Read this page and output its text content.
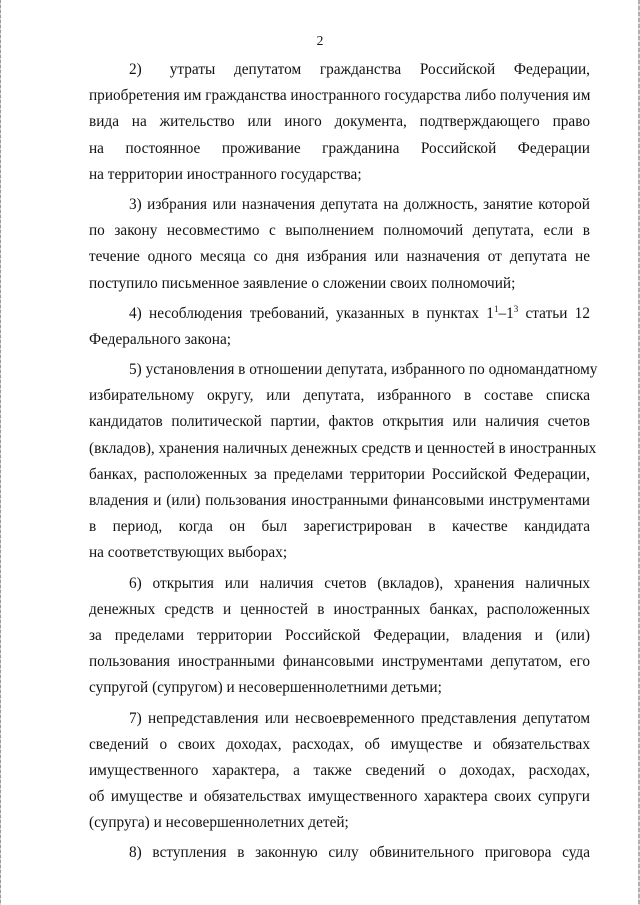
2
2)   утраты  депутатом  гражданства  Российской  Федерации,
приобретения им гражданства иностранного государства либо получения им
вида на жительство или иного документа, подтверждающего право
на постоянное проживание гражданина Российской Федерации
на территории иностранного государства;
3) избрания или назначения депутата на должность, занятие которой
по закону несовместимо с выполнением полномочий депутата, если в
течение одного месяца со дня избрания или назначения от депутата не
поступило письменное заявление о сложении своих полномочий;
4) несоблюдения требований, указанных в пунктах $1^1-1^3$ статьи 12
Федерального закона;
5) установления в отношении депутата, избранного по одномандатному
избирательному округу, или депутата, избранного в составе списка
кандидатов политической партии, фактов открытия или наличия счетов
(вкладов), хранения наличных денежных средств и ценностей в иностранных
банках, расположенных за пределами территории Российской Федерации,
владения и (или) пользования иностранными финансовыми инструментами
в период, когда он был зарегистрирован в качестве кандидата
на соответствующих выборах;
6) открытия или наличия счетов (вкладов), хранения наличных
денежных средств и ценностей в иностранных банках, расположенных
за пределами территории Российской Федерации, владения и (или)
пользования иностранными финансовыми инструментами депутатом, его
супругой (супругом) и несовершеннолетними детьми;
7) непредставления или несвоевременного представления депутатом
сведений о своих доходах, расходах, об имуществе и обязательствах
имущественного характера, а также сведений о доходах, расходах,
об имуществе и обязательствах имущественного характера своих супруги
(супруга) и несовершеннолетних детей;
8) вступления в законную силу обвинительного приговора суда
